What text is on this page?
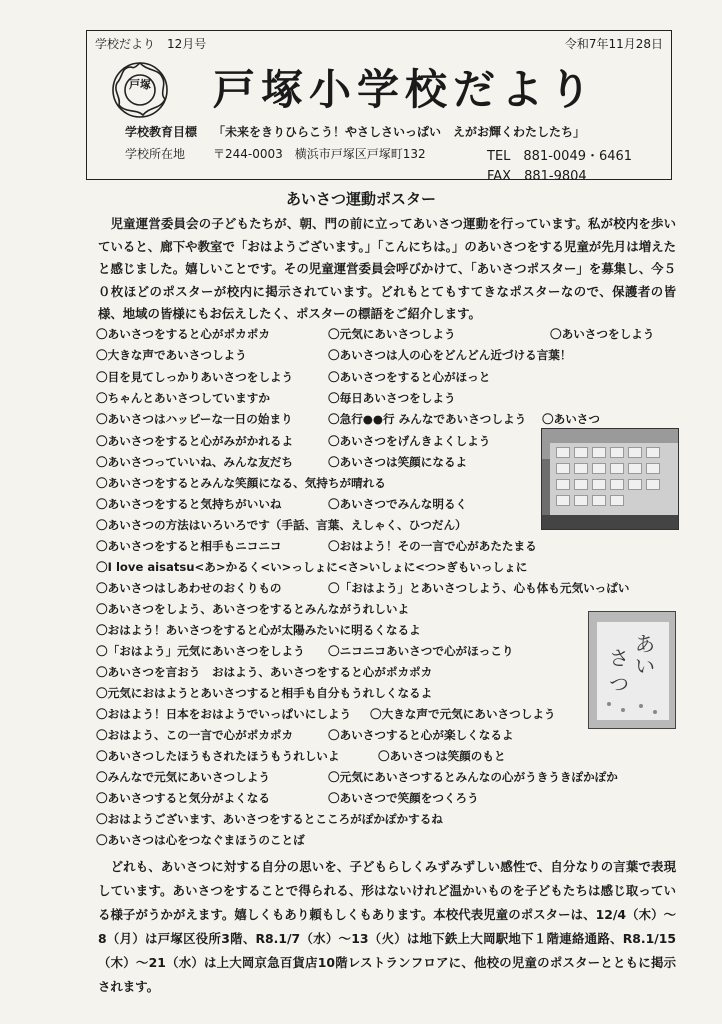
学校だより　12月号	令和7年11月28日
戸塚	戸塚小学校だより
学校教育目標 「未来をきりひらこう！やさしさいっぱい　えがお輝くわたしたち」
学校所在地 〒244-0003　横浜市戸塚区戸塚町132	TEL　881-0049・6461
FAX　881-9804
あいさつ運動ポスター
　児童運営委員会の子どもたちが、朝、門の前に立ってあいさつ運動を行っています。私が校内を歩いていると、廊下や教室で「おはようございます。」「こんにちは。」のあいさつをする児童が先月は増えたと感じました。嬉しいことです。その児童運営委員会呼びかけて、「あいさつポスター」を募集し、今５０枚ほどのポスターが校内に掲示されています。どれもとてもすてきなポスターなので、保護者の皆様、地域の皆様にもお伝えしたく、ポスターの標語をご紹介します。
〇あいさつをすると心がポカポカ	〇元気にあいさつしよう	〇あいさつをしよう
〇大きな声であいさつしよう	〇あいさつは人の心をどんどん近づける言葉！
〇目を見てしっかりあいさつをしよう	〇あいさつをすると心がほっと
〇ちゃんとあいさつしていますか	〇毎日あいさつをしよう
〇あいさつはハッピーな一日の始まり	〇急行●●行 みんなであいさつしよう 〇あいさつ
〇あいさつをすると心がみがかれるよ	〇あいさつをげんきよくしよう
〇あいさつっていいね、みんな友だち	〇あいさつは笑顔になるよ
〇あいさつをするとみんな笑顔になる、気持ちが晴れる
〇あいさつをすると気持ちがいいね	〇あいさつでみんな明るく
〇あいさつの方法はいろいろです（手話、言葉、えしゃく、ひつだん）
〇あいさつをすると相手もニコニコ	〇おはよう！その一言で心があたたまる
〇I love aisatsu<あ>かるく<い>っしょに<さ>いしょに<つ>ぎもいっしょに
〇あいさつはしあわせのおくりもの	〇「おはよう」とあいさつしよう、心も体も元気いっぱい
〇あいさつをしよう、あいさつをするとみんながうれしいよ
〇おはよう！あいさつをすると心が太陽みたいに明るくなるよ
〇「おはよう」元気にあいさつをしよう 〇ニコニコあいさつで心がほっこり
〇あいさつを言おう　おはよう、あいさつをすると心がポカポカ
〇元気におはようとあいさつすると相手も自分もうれしくなるよ
〇おはよう！日本をおはようでいっぱいにしよう 〇大きな声で元気にあいさつしよう
〇おはよう、この一言で心がポカポカ	〇あいさつすると心が楽しくなるよ
〇あいさつしたほうもされたほうもうれしいよ	〇あいさつは笑顔のもと
〇みんなで元気にあいさつしよう	〇元気にあいさつするとみんなの心がうきうきぽかぽか
〇あいさつすると気分がよくなる	〇あいさつで笑顔をつくろう
〇おはようございます、あいさつをするとこころがぽかぽかするね
〇あいさつは心をつなぐまほうのことば
あ
い
さ
つ
　どれも、あいさつに対する自分の思いを、子どもらしくみずみずしい感性で、自分なりの言葉で表現しています。あいさつをすることで得られる、形はないけれど温かいものを子どもたちは感じ取っている様子がうかがえます。嬉しくもあり頼もしくもあります。本校代表児童のポスターは、12/4（木）～8（月）は戸塚区役所3階、R8.1/7（水）～13（火）は地下鉄上大岡駅地下１階連絡通路、R8.1/15（木）～21（水）は上大岡京急百貨店10階レストランフロアに、他校の児童のポスターとともに掲示されます。
